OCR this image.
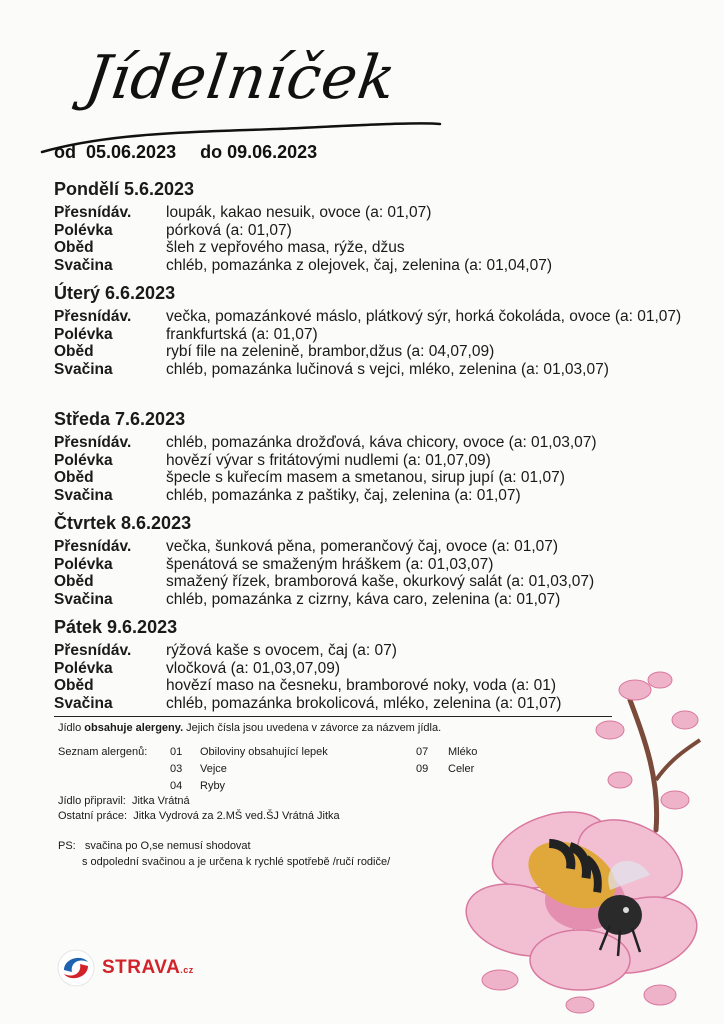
Jídelníček
od 05.06.2023 do 09.06.2023
Pondělí 5.6.2023
Přesnídáv.	loupák, kakao nesuik, ovoce (a: 01,07)
Polévka	pórková (a: 01,07)
Oběd	šleh z vepřového masa, rýže, džus
Svačina	chléb, pomazánka z olejovek, čaj, zelenina (a: 01,04,07)
Úterý 6.6.2023
Přesnídáv.	večka, pomazánkové máslo, plátkový sýr, horká čokoláda, ovoce (a: 01,07)
Polévka	frankfurtská (a: 01,07)
Oběd	rybí file na zelenině, brambor,džus (a: 04,07,09)
Svačina	chléb, pomazánka lučinová s vejci, mléko, zelenina (a: 01,03,07)
Středa 7.6.2023
Přesnídáv.	chléb, pomazánka drožďová, káva chicory, ovoce (a: 01,03,07)
Polévka	hovězí vývar s fritátovými nudlemi (a: 01,07,09)
Oběd	špecle s kuřecím masem a smetanou, sirup jupí (a: 01,07)
Svačina	chléb, pomazánka z paštiky, čaj, zelenina (a: 01,07)
Čtvrtek 8.6.2023
Přesnídáv.	večka, šunková pěna, pomerančový čaj, ovoce (a: 01,07)
Polévka	špenátová se smaženým hráškem (a: 01,03,07)
Oběd	smažený řízek, bramborová kaše, okurkový salát (a: 01,03,07)
Svačina	chléb, pomazánka z cizrny, káva caro, zelenina (a: 01,07)
Pátek 9.6.2023
Přesnídáv.	rýžová kaše s ovocem, čaj (a: 07)
Polévka	vločková (a: 01,03,07,09)
Oběd	hovězí maso na česneku, bramborové noky, voda (a: 01)
Svačina	chléb, pomazánka brokolicová, mléko, zelenina (a: 01,07)
Jídlo obsahuje alergeny. Jejich čísla jsou uvedena v závorce za názvem jídla.
Seznam alergenů: 01 Obiloviny obsahující lepek
03 Vejce
04 Ryby
07 Mléko
09 Celer
Jídlo připravil: Jitka Vrátná
Ostatní práce: Jitka Vydrová za 2.MŠ ved.ŠJ Vrátná Jitka
PS: svačina po O,se nemusí shodovat
s odpolední svačinou a je určena k rychlé spotřebě /ručí rodiče/
STRAVA.cz
